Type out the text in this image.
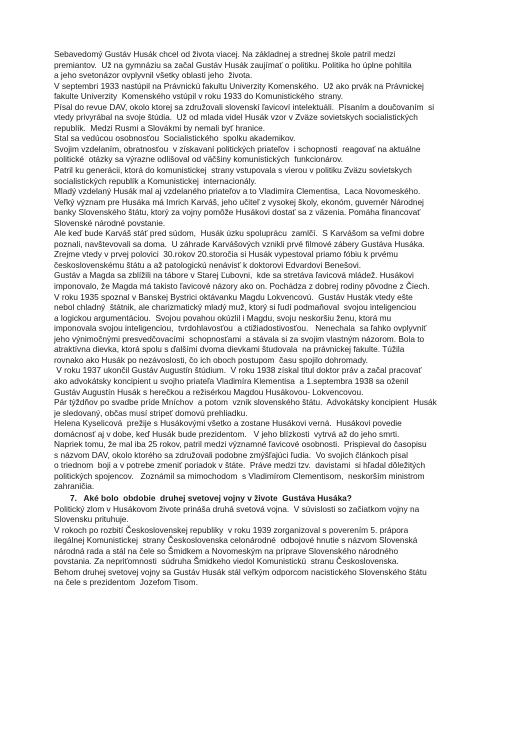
Sebavedomý Gustáv Husák chcel od života viacej. Na základnej a strednej škole patril medzi
premiantov.  Už na gymnáziu sa začal Gustáv Husák zaujímať o politiku. Politika ho úplne pohltila
a jeho svetonázor ovplyvnil všetky oblasti jeho  života.
V septembri 1933 nastúpil na Právnickú fakultu Univerzity Komenského.  Už ako prvák na Právnickej
fakulte Univerzity  Komenského vstúpil v roku 1933 do Komunistického  strany.
Písal do revue DAV, okolo ktorej sa združovali slovenskí ľavicoví intelektuáli.  Písaním a doučovaním  si
vtedy privyrábal na svoje štúdia.  Už od mlada videl Husák vzor v Zväze sovietskych socialistických
republík.  Medzi Rusmi a Slovákmi by nemali byť hranice.
Stal sa vedúcou osobnosťou  Socialistického  spolku akademikov.
Svojim vzdelaním, obratnosťou  v získavaní politických priateľov  i schopnosti  reagovať na aktuálne
politické  otázky sa výrazne odlišoval od väčšiny komunistických  funkcionárov.
Patril ku generácii, ktorá do komunistickej  strany vstupovala s vierou v politiku Zväzu sovietskych
socialistických republík a Komunistickej  internacionály.
Mladý vzdelaný Husák mal aj vzdelaného priateľov a to Vladimíra Clementisa,  Laca Novomeského.
Veľký význam pre Husáka má Imrich Karváš, jeho učiteľ z vysokej školy, ekonóm, guvernér Národnej
banky Slovenského štátu, ktorý za vojny pomôže Husákovi dostať sa z väzenia. Pomáha financovať
Slovenské národné povstanie.
Ale keď bude Karváš stáť pred súdom,  Husák úzku spoluprácu  zamlčí.  S Karvášom sa veľmi dobre
poznali, navštevovali sa doma.  U záhrade Karvášových vznikli prvé filmové zábery Gustáva Husáka.
Zrejme vtedy v prvej polovici  30.rokov 20.storočia si Husák vypestoval priamo fóbiu k prvému
československému štátu a až patologickú nenávisť k doktorovi Edvardovi Benešovi.
Gustáv a Magda sa zblížili na tábore v Starej Ľubovni,  kde sa stretáva ľavicová mládež. Husákovi
imponovalo, že Magda má takisto ľavicové názory ako on. Pochádza z dobrej rodiny pôvodne z Čiech.
V roku 1935 spoznal v Banskej Bystrici oktávanku Magdu Lokvencovú.  Gustáv Husták vtedy ešte
nebol chladný  štátnik, ale charizmatický mladý muž, ktorý si ľudí podmaňoval  svojou inteligenciou
a logickou argumentáciou.  Svojou povahou okúzlil i Magdu, svoju neskoršiu ženu, ktorá mu
imponovala svojou inteligenciou,  tvrdohlavosťou  a ctižiadostivosťou.   Nenechala  sa ľahko ovplyvniť
jeho výnimočnými presvedčovacími  schopnosťami  a stávala si za svojim vlastným názorom. Bola to
atraktívna dievka, ktorá spolu s ďalšími dvoma dievkami študovala  na právnickej fakulte. Túžila
rovnako ako Husák po nezávoslosti, čo ich oboch postupom  času spojilo dohromady.
V roku 1937 ukončil Gustáv Augustín štúdium.  V roku 1938 získal titul doktor práv a začal pracovať
ako advokátsky koncipient u svojho priateľa Vladimíra Klementisa  a 1.septembra 1938 sa oženil
Gustáv Augustín Husák s herečkou a režisérkou Magdou Husákovou- Lokvencovou.
Pár týždňov po svadbe príde Mníchov  a potom  vznik slovenského štátu.  Advokátsky koncipient  Husák
je sledovaný, občas musí stripeť domovú prehliadku.
Helena Kyselicová  prežije s Husákovými všetko a zostane Husákovi verná.  Husákovi povedie
domácnosť aj v dobe, keď Husák bude prezidentom.   V jeho blízkosti  vytrvá až do jeho smrti.
Napriek tomu, že mal iba 25 rokov, patril medzi významné ľavicové osobnosti.  Prispieval do časopisu
s názvom DAV, okolo ktorého sa združovali podobne zmýšľajúci ľudia.  Vo svojich článkoch písal
o triednom  boji a v potrebe zmeniť poriadok v štáte.  Práve medzi tzv.  davistami  si hľadal dôležitých
politických spojencov.   Zoznámil sa mimochodom  s Vladimírom Clementisom,  neskorším ministrom
zahraničia.
7.   Aké bolo  obdobie  druhej svetovej vojny v živote  Gustáva Husáka?
Politický zlom v Husákovom živote prináša druhá svetová vojna.  V súvislosti so začiatkom vojny na
Slovensku prituhuje.
V rokoch po rozbití Československej republiky  v roku 1939 zorganizoval s poverením 5. prápora
ilegálnej Komunistickej  strany Československa celonárodné  odbojové hnutie s názvom Slovenská
národná rada a stál na čele so Šmidkem a Novomeským na príprave Slovenského národného
povstania. Za nepriťomnosti  súdruha Šmidkeho viedol Komunistickú  stranu Československa.
Behom druhej svetovej vojny sa Gustáv Husák stál veľkým odporcom nacistického Slovenského štátu
na čele s prezidentom  Jozefom Tisom.
